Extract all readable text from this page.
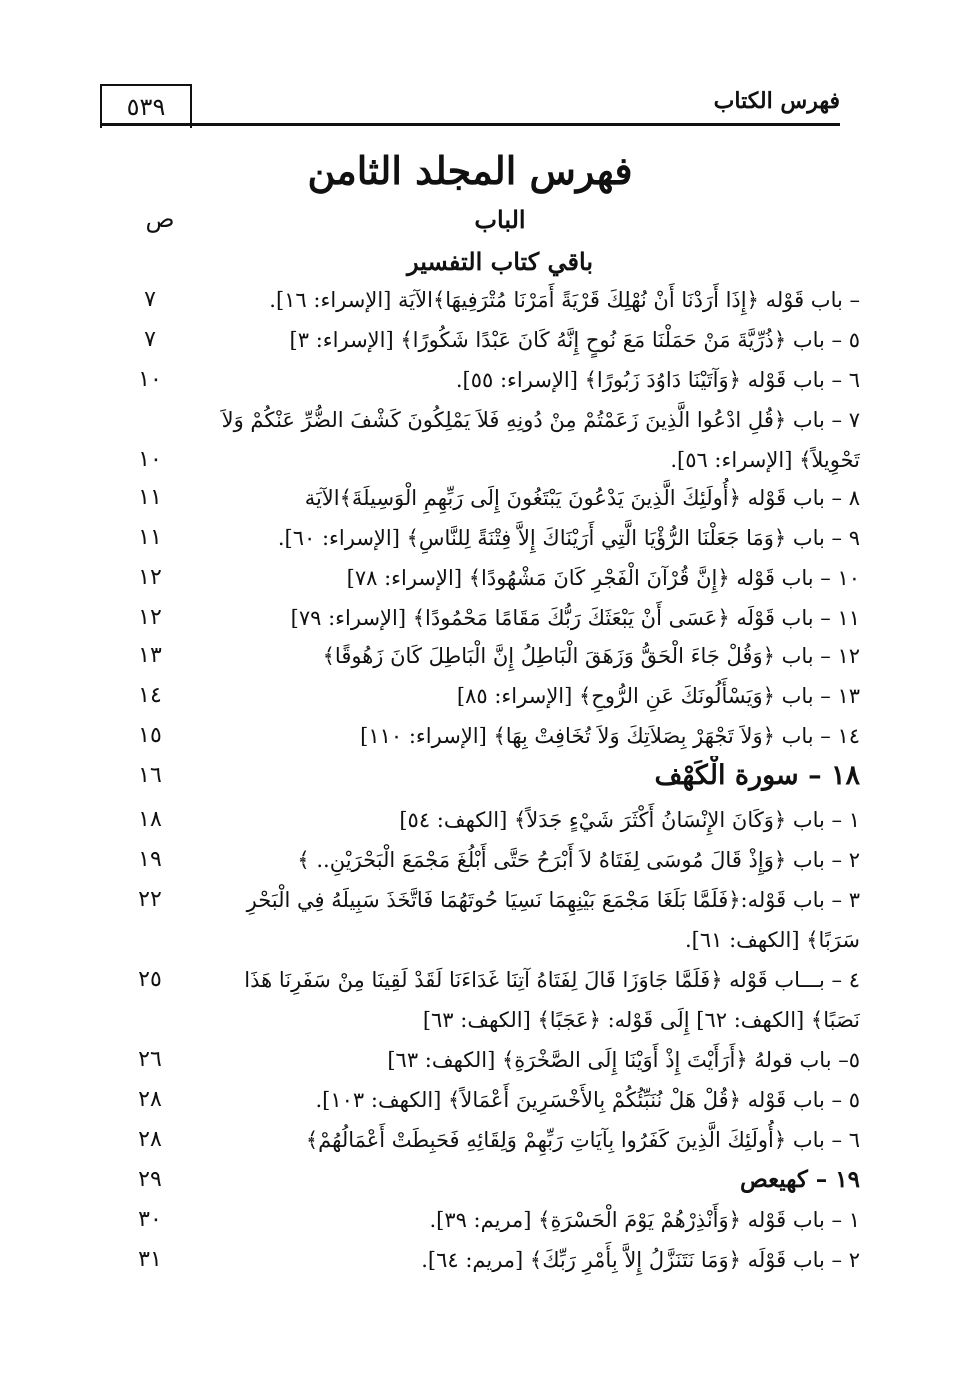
٥٣٩	فهرس الكتاب
فهرس المجلد الثامن
الباب
ص
باقي كتاب التفسير
– باب قَوْله ﴿إِذَا أَرَدْنَا أَنْ نُهْلِكَ قَرْيَةً أَمَرْنَا مُتْرَفِيهَا﴾الآيَة [الإسراء: ١٦].
٧
٥ – باب ﴿ذُرِّيَّةَ مَنْ حَمَلْنَا مَعَ نُوحٍ إِنَّهُ كَانَ عَبْدًا شَكُورًا﴾ [الإسراء: ٣]
٧
٦ – باب قَوْله ﴿وَآتَيْنَا دَاوُدَ زَبُورًا﴾ [الإسراء: ٥٥].
١٠
٧ – باب ﴿قُلِ ادْعُوا الَّذِينَ زَعَمْتُمْ مِنْ دُونِهِ فَلاَ يَمْلِكُونَ كَشْفَ الضُّرِّ عَنْكُمْ وَلاَ تَحْوِيلاً﴾ [الإسراء: ٥٦].
١٠
٨ – باب قَوْله ﴿أُولَئِكَ الَّذِينَ يَدْعُونَ يَبْتَغُونَ إِلَى رَبِّهِمِ الْوَسِيلَةَ﴾الآيَة
١١
٩ – باب ﴿وَمَا جَعَلْنَا الرُّؤْيَا الَّتِي أَرَيْنَاكَ إِلاَّ فِتْنَةً لِلنَّاسِ﴾ [الإسراء: ٦٠].
١١
١٠ – باب قَوْله ﴿إِنَّ قُرْآنَ الْفَجْرِ كَانَ مَشْهُودًا﴾ [الإسراء: ٧٨]
١٢
١١ – باب قَوْلَه ﴿عَسَى أَنْ يَبْعَثَكَ رَبُّكَ مَقَامًا مَحْمُودًا﴾ [الإسراء: ٧٩]
١٢
١٢ – باب ﴿وَقُلْ جَاءَ الْحَقُّ وَزَهَقَ الْبَاطِلُ إِنَّ الْبَاطِلَ كَانَ زَهُوقًا﴾
١٣
١٣ – باب ﴿وَيَسْأَلُونَكَ عَنِ الرُّوحِ﴾ [الإسراء: ٨٥]
١٤
١٤ – باب ﴿وَلاَ تَجْهَرْ بِصَلاَتِكَ وَلاَ تُخَافِتْ بِهَا﴾ [الإسراء: ١١٠]
١٥
١٨ – سورة الْكَهْف
١٦
١ – باب ﴿وَكَانَ الإِنْسَانُ أَكْثَرَ شَيْءٍ جَدَلاً﴾ [الكهف: ٥٤]
١٨
٢ – باب ﴿وَإِذْ قَالَ مُوسَى لِفَتَاهُ لاَ أَبْرَحُ حَتَّى أَبْلُغَ مَجْمَعَ الْبَحْرَيْنِ.. ﴾
١٩
٣ – باب قَوْله:﴿فَلَمَّا بَلَغَا مَجْمَعَ بَيْنِهِمَا نَسِيَا حُوتَهُمَا فَاتَّخَذَ سَبِيلَهُ فِي الْبَحْرِ سَرَبًا﴾ [الكهف: ٦١].
٢٢
٤ – بـــاب قَوْله ﴿فَلَمَّا جَاوَزَا قَالَ لِفَتَاهُ آتِنَا غَدَاءَنَا لَقَدْ لَقِينَا مِنْ سَفَرِنَا هَذَا نَصَبًا﴾ [الكهف: ٦٢] إِلَى قَوْله: ﴿عَجَبًا﴾ [الكهف: ٦٣]
٢٥
٥– باب قولهُ ﴿أَرَأَيْتَ إِذْ أَوَيْنَا إِلَى الصَّخْرَةِ﴾ [الكهف: ٦٣]
٢٦
٥ – باب قَوْله ﴿قُلْ هَلْ نُنَبِّئُكُمْ بِالأَخْسَرِينَ أَعْمَالاً﴾ [الكهف: ١٠٣].
٢٨
٦ – باب ﴿أُولَئِكَ الَّذِينَ كَفَرُوا بِآيَاتِ رَبِّهِمْ وَلِقَائِهِ فَحَبِطَتْ أَعْمَالُهُمْ﴾
٢٨
١٩ – كهيعص
٢٩
١ – باب قَوْله ﴿وَأَنْذِرْهُمْ يَوْمَ الْحَسْرَةِ﴾ [مريم: ٣٩].
٣٠
٢ – باب قَوْلَه ﴿وَمَا نَتَنَزَّلُ إِلاَّ بِأَمْرِ رَبِّكَ﴾ [مريم: ٦٤].
٣١
